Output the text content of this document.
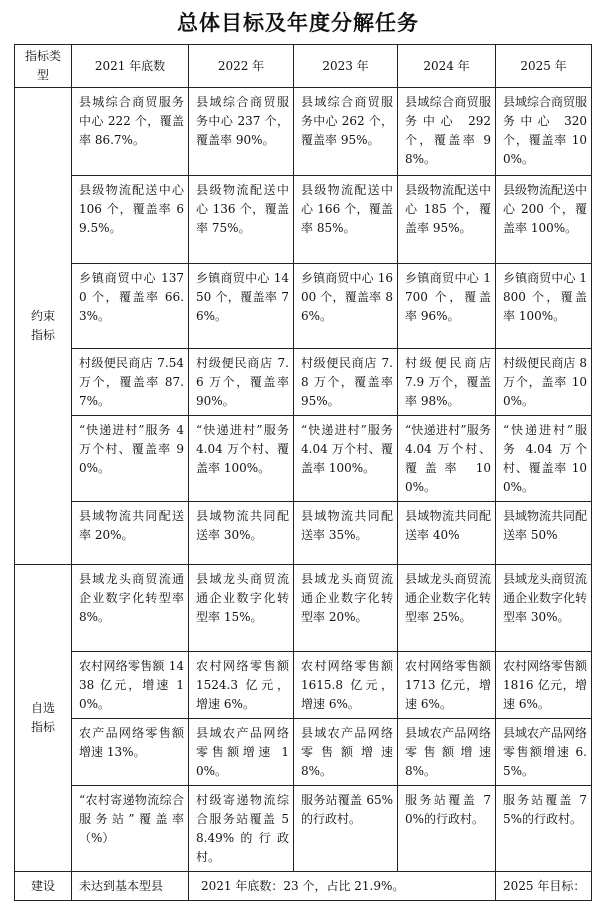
总体目标及年度分解任务
指标类型	2021 年底数	2022 年	2023 年	2024 年	2025 年
约束指标	县城综合商贸服务中心 222 个，覆盖率 86.7%。	县域综合商贸服务中心 237 个，覆盖率 90%。	县域综合商贸服务中心 262 个，覆盖率 95%。	县域综合商贸服务中心 292 个，覆盖率 98%。	县域综合商贸服务中心 320 个，覆盖率 100%。
	县级物流配送中心 106 个，覆盖率 69.5%。	县级物流配送中心 136 个，覆盖率 75%。	县级物流配送中心 166 个，覆盖率 85%。	县级物流配送中心 185 个，覆盖率 95%。	县级物流配送中心 200 个，覆盖率 100%。
	乡镇商贸中心 1370 个，覆盖率 66.3%。	乡镇商贸中心 1450 个，覆盖率 76%。	乡镇商贸中心 1600 个，覆盖率 86%。	乡镇商贸中心 1700 个，覆盖率 96%。	乡镇商贸中心 1800 个，覆盖率 100%。
	村级便民商店 7.54 万个，覆盖率 87.7%。	村级便民商店 7.6 万个，覆盖率 90%。	村级便民商店 7.8 万个，覆盖率 95%。	村级便民商店 7.9 万个，覆盖率 98%。	村级便民商店 8 万个，盖率 100%。
	“快递进村”服务 4 万个村、覆盖率 90%。	“快递进村”服务 4.04 万个村、覆盖率 100%。	“快递进村”服务 4.04 万个村、覆盖率 100%。	“快递进村”服务 4.04 万个村、覆盖率 100%。	“快递进村”服务 4.04 万个村、覆盖率 100%。
	县域物流共同配送率 20%。	县域物流共同配送率 30%。	县域物流共同配送率 35%。	县域物流共同配送率 40%	县域物流共同配送率 50%
自选指标	县域龙头商贸流通企业数字化转型率 8%。	县域龙头商贸流通企业数字化转型率 15%。	县域龙头商贸流通企业数字化转型率 20%。	县域龙头商贸流通企业数字化转型率 25%。	县域龙头商贸流通企业数字化转型率 30%。
	农村网络零售额 1438 亿元，增速 10%。	农村网络零售额 1524.3 亿元，增速 6%。	农村网络零售额 1615.8 亿元，增速 6%。	农村网络零售额 1713 亿元，增速 6%。	农村网络零售额 1816 亿元，增速 6%。
	农产品网络零售额增速 13%。	县域农产品网络零售额增速 10%。	县域农产品网络零售额增速 8%。	县域农产品网络零售额增速 8%。	县域农产品网络零售额增速 6.5%。
	“农村寄递物流综合服务站”覆盖率（%）	村级寄递物流综合服务站覆盖 58.49%的行政村。	服务站覆盖 65%的行政村。	服务站覆盖 70%的行政村。	服务站覆盖 75%的行政村。
建设	未达到基本型县	2021 年底数：23 个，占比 21.9%。			2025 年目标：
